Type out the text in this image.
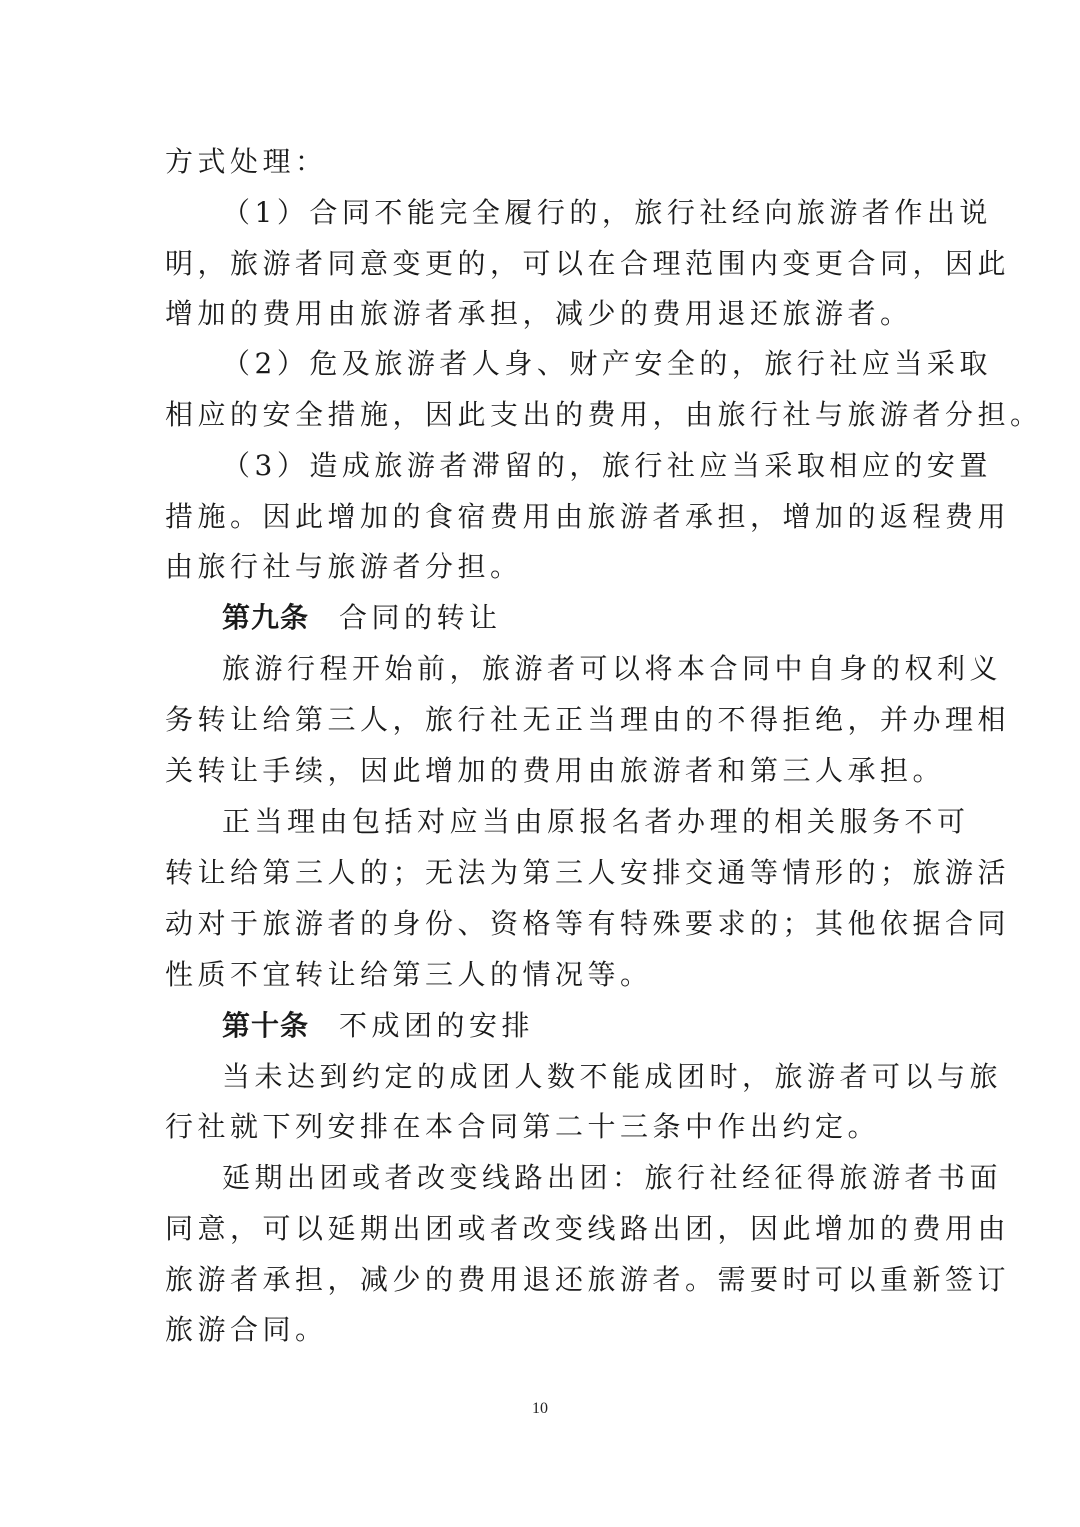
方式处理：
（1）合同不能完全履行的，旅行社经向旅游者作出说
明，旅游者同意变更的，可以在合理范围内变更合同，因此
增加的费用由旅游者承担，减少的费用退还旅游者。
（2）危及旅游者人身、财产安全的，旅行社应当采取
相应的安全措施，因此支出的费用，由旅行社与旅游者分担。
（3）造成旅游者滞留的，旅行社应当采取相应的安置
措施。因此增加的食宿费用由旅游者承担，增加的返程费用
由旅行社与旅游者分担。
第九条 合同的转让
旅游行程开始前，旅游者可以将本合同中自身的权利义
务转让给第三人，旅行社无正当理由的不得拒绝，并办理相
关转让手续，因此增加的费用由旅游者和第三人承担。
正当理由包括对应当由原报名者办理的相关服务不可
转让给第三人的；无法为第三人安排交通等情形的；旅游活
动对于旅游者的身份、资格等有特殊要求的；其他依据合同
性质不宜转让给第三人的情况等。
第十条 不成团的安排
当未达到约定的成团人数不能成团时，旅游者可以与旅
行社就下列安排在本合同第二十三条中作出约定。
延期出团或者改变线路出团：旅行社经征得旅游者书面
同意，可以延期出团或者改变线路出团，因此增加的费用由
旅游者承担，减少的费用退还旅游者。需要时可以重新签订
旅游合同。
10
